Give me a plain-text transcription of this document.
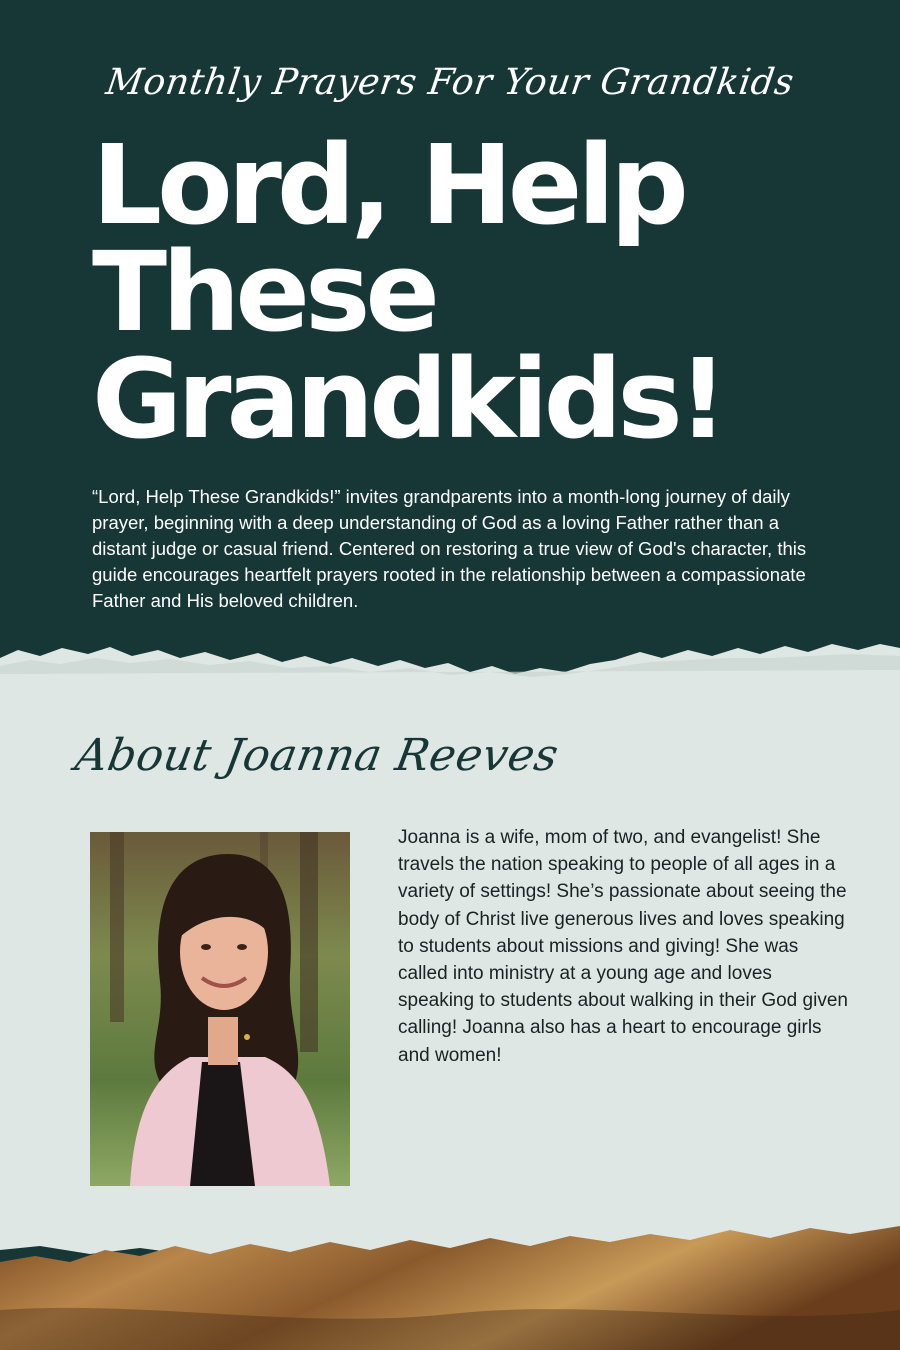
Monthly Prayers For Your Grandkids
Lord, Help
These
Grandkids!

“Lord, Help These Grandkids!” invites grandparents into a month-long journey of daily prayer, beginning with a deep understanding of God as a loving Father rather than a distant judge or casual friend. Centered on restoring a true view of God's character, this guide encourages heartfelt prayers rooted in the relationship between a compassionate Father and His beloved children.

About Joanna Reeves

Joanna is a wife, mom of two, and evangelist! She travels the nation speaking to people of all ages in a variety of settings! She’s passionate about seeing the body of Christ live generous lives and loves speaking to students about missions and giving! She was called into ministry at a young age and loves speaking to students about walking in their God given calling! Joanna also has a heart to encourage girls and women!
